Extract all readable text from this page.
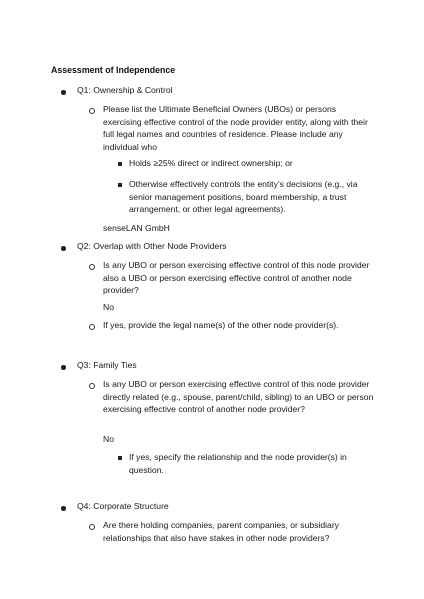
Assessment of Independence
Q1: Ownership & Control
Please list the Ultimate Beneficial Owners (UBOs) or persons exercising effective control of the node provider entity, along with their full legal names and countries of residence. Please include any individual who
Holds ≥25% direct or indirect ownership; or
Otherwise effectively controls the entity’s decisions (e.g., via senior management positions, board membership, a trust arrangement, or other legal agreements).
senseLAN GmbH
Q2: Overlap with Other Node Providers
Is any UBO or person exercising effective control of this node provider also a UBO or person exercising effective control of another node provider?
No
If yes, provide the legal name(s) of the other node provider(s).
Q3: Family Ties
Is any UBO or person exercising effective control of this node provider directly related (e.g., spouse, parent/child, sibling) to an UBO or person exercising effective control of another node provider?
No
If yes, specify the relationship and the node provider(s) in question.
Q4: Corporate Structure
Are there holding companies, parent companies, or subsidiary relationships that also have stakes in other node providers?
